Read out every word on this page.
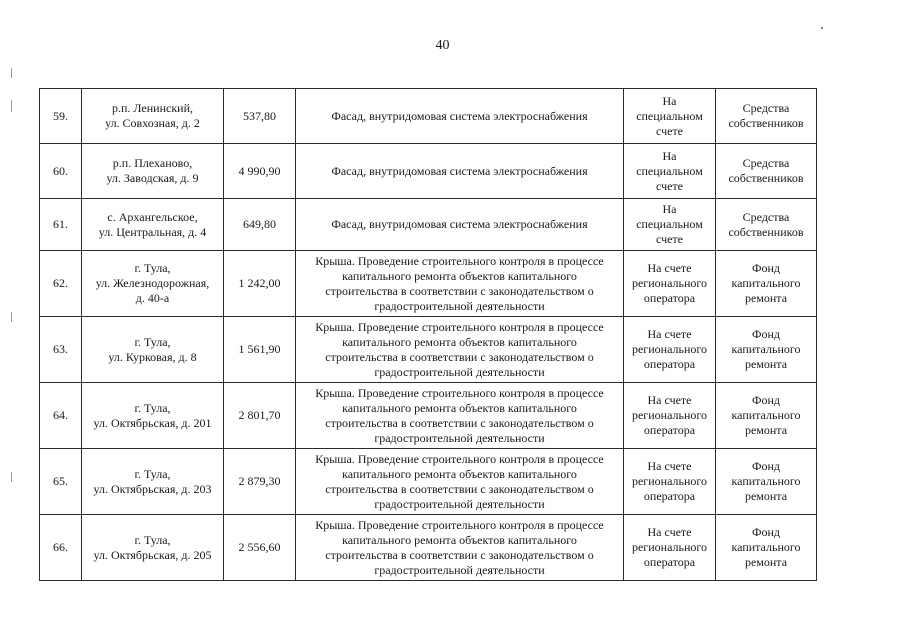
40
59.	р.п. Ленинский,
ул. Совхозная, д. 2	537,80	Фасад, внутридомовая система электроснабжения	На
специальном
счете	Средства
собственников
60.	р.п. Плеханово,
ул. Заводская, д. 9	4 990,90	Фасад, внутридомовая система электроснабжения	На
специальном
счете	Средства
собственников
61.	с. Архангельское,
ул. Центральная, д. 4	649,80	Фасад, внутридомовая система электроснабжения	На
специальном
счете	Средства
собственников
62.	г. Тула,
ул. Железнодорожная,
д. 40-а	1 242,00	Крыша. Проведение строительного контроля в процессе
капитального ремонта объектов капитального
строительства в соответствии с законодательством о
градостроительной деятельности	На счете
регионального
оператора	Фонд
капитального
ремонта
63.	г. Тула,
ул. Курковая, д. 8	1 561,90	Крыша. Проведение строительного контроля в процессе
капитального ремонта объектов капитального
строительства в соответствии с законодательством о
градостроительной деятельности	На счете
регионального
оператора	Фонд
капитального
ремонта
64.	г. Тула,
ул. Октябрьская, д. 201	2 801,70	Крыша. Проведение строительного контроля в процессе
капитального ремонта объектов капитального
строительства в соответствии с законодательством о
градостроительной деятельности	На счете
регионального
оператора	Фонд
капитального
ремонта
65.	г. Тула,
ул. Октябрьская, д. 203	2 879,30	Крыша. Проведение строительного контроля в процессе
капитального ремонта объектов капитального
строительства в соответствии с законодательством о
градостроительной деятельности	На счете
регионального
оператора	Фонд
капитального
ремонта
66.	г. Тула,
ул. Октябрьская, д. 205	2 556,60	Крыша. Проведение строительного контроля в процессе
капитального ремонта объектов капитального
строительства в соответствии с законодательством о
градостроительной деятельности	На счете
регионального
оператора	Фонд
капитального
ремонта
